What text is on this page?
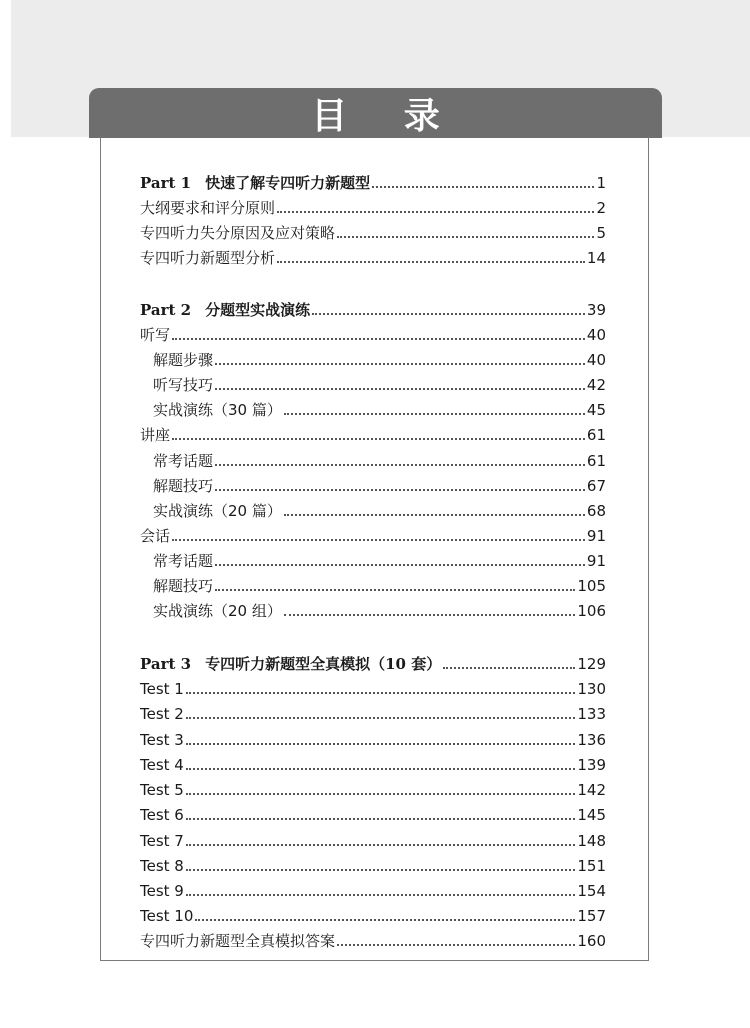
目 录
Part 1 快速了解专四听力新题型	1
大纲要求和评分原则	2
专四听力失分原因及应对策略	5
专四听力新题型分析	14
Part 2 分题型实战演练	39
听写	40
解题步骤	40
听写技巧	42
实战演练（30 篇）	45
讲座	61
常考话题	61
解题技巧	67
实战演练（20 篇）	68
会话	91
常考话题	91
解题技巧	105
实战演练（20 组）	106
Part 3 专四听力新题型全真模拟（10 套）	129
Test 1	130
Test 2	133
Test 3	136
Test 4	139
Test 5	142
Test 6	145
Test 7	148
Test 8	151
Test 9	154
Test 10	157
专四听力新题型全真模拟答案	160
